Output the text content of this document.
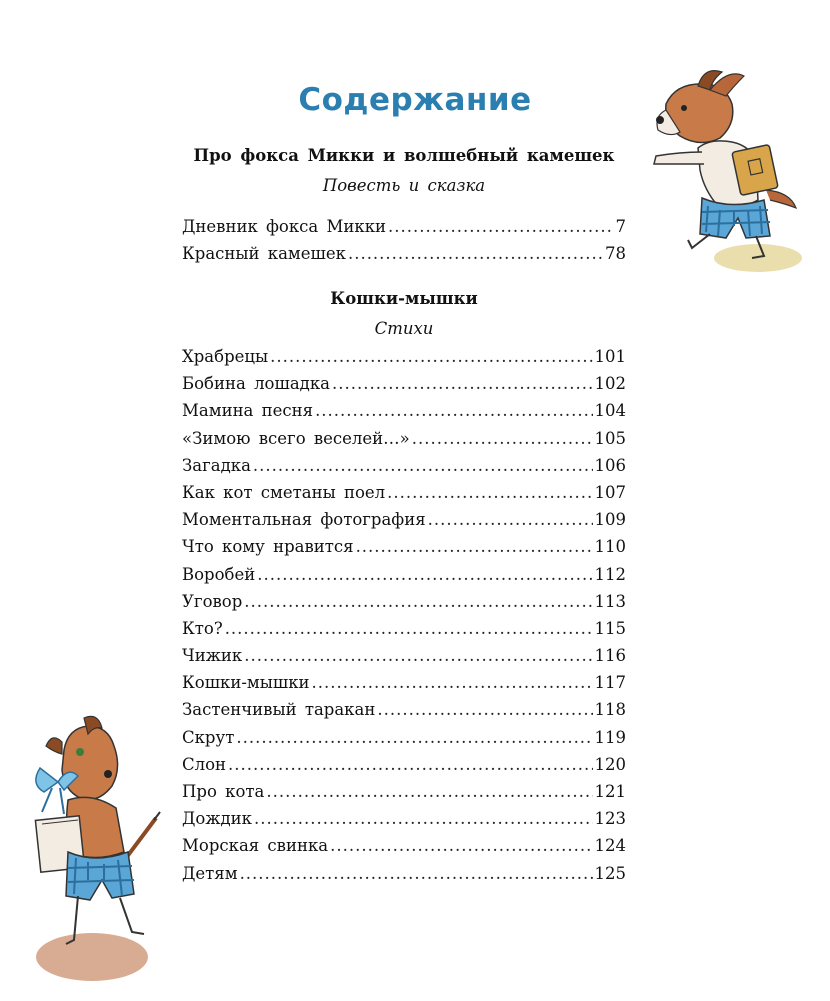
Содержание
Про фокса Микки и волшебный камешек
Повесть и сказка
Дневник фокса Микки .....	7
Красный камешек .....	78
Кошки-мышки
Стихи
Храбрецы .....	101
Бобина лошадка .....	102
Мамина песня .....	104
«Зимою всего веселей…» .....	105
Загадка .....	106
Как кот сметаны поел .....	107
Моментальная фотография .....	109
Что кому нравится .....	110
Воробей .....	112
Уговор .....	113
Кто? .....	115
Чижик .....	116
Кошки-мышки .....	117
Застенчивый таракан .....	118
Скрут .....	119
Слон .....	120
Про кота .....	121
Дождик .....	123
Морская свинка .....	124
Детям .....	125
